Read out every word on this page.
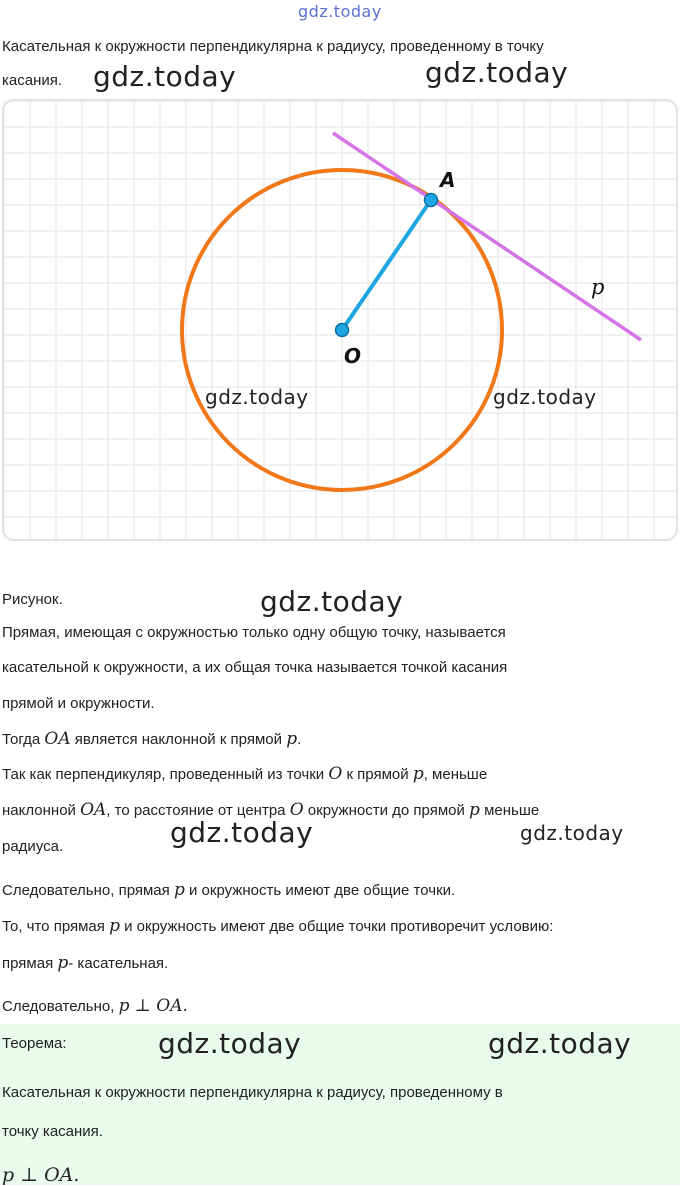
gdz.today
Касательная к окружности перпендикулярна к радиусу, проведенному в точку
касания. gdz.today	gdz.today
A
O
p
gdz.today	gdz.today
Рисунок.	gdz.today
Прямая, имеющая с окружностью только одну общую точку, называется
касательной к окружности, а их общая точка называется точкой касания
прямой и окружности.
Тогда OA является наклонной к прямой p.
Так как перпендикуляр, проведенный из точки O к прямой p, меньше
наклонной OA, то расстояние от центра O окружности до прямой p меньше
радиуса.	gdz.today	gdz.today
Следовательно, прямая p и окружность имеют две общие точки.
То, что прямая p и окружность имеют две общие точки противоречит условию:
прямая p- касательная.
Следовательно, p ⊥ OA.
Теорема:	gdz.today	gdz.today
Касательная к окружности перпендикулярна к радиусу, проведенному в
точку касания.
p ⊥ OA.
